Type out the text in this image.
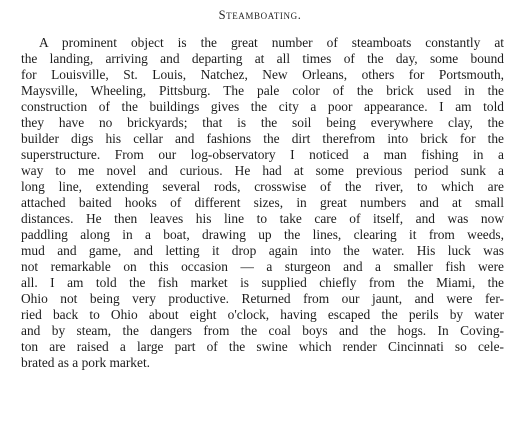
Steamboating.
A prominent object is the great number of steamboats constantly at
the landing, arriving and departing at all times of the day, some bound
for Louisville, St. Louis, Natchez, New Orleans, others for Portsmouth,
Maysville, Wheeling, Pittsburg. The pale color of the brick used in the
construction of the buildings gives the city a poor appearance. I am told
they have no brickyards; that is the soil being everywhere clay, the
builder digs his cellar and fashions the dirt therefrom into brick for the
superstructure. From our log-observatory I noticed a man fishing in a
way to me novel and curious. He had at some previous period sunk a
long line, extending several rods, crosswise of the river, to which are
attached baited hooks of different sizes, in great numbers and at small
distances. He then leaves his line to take care of itself, and was now
paddling along in a boat, drawing up the lines, clearing it from weeds,
mud and game, and letting it drop again into the water. His luck was
not remarkable on this occasion — a sturgeon and a smaller fish were
all. I am told the fish market is supplied chiefly from the Miami, the
Ohio not being very productive. Returned from our jaunt, and were fer-
ried back to Ohio about eight o'clock, having escaped the perils by water
and by steam, the dangers from the coal boys and the hogs. In Coving-
ton are raised a large part of the swine which render Cincinnati so cele-
brated as a pork market.
